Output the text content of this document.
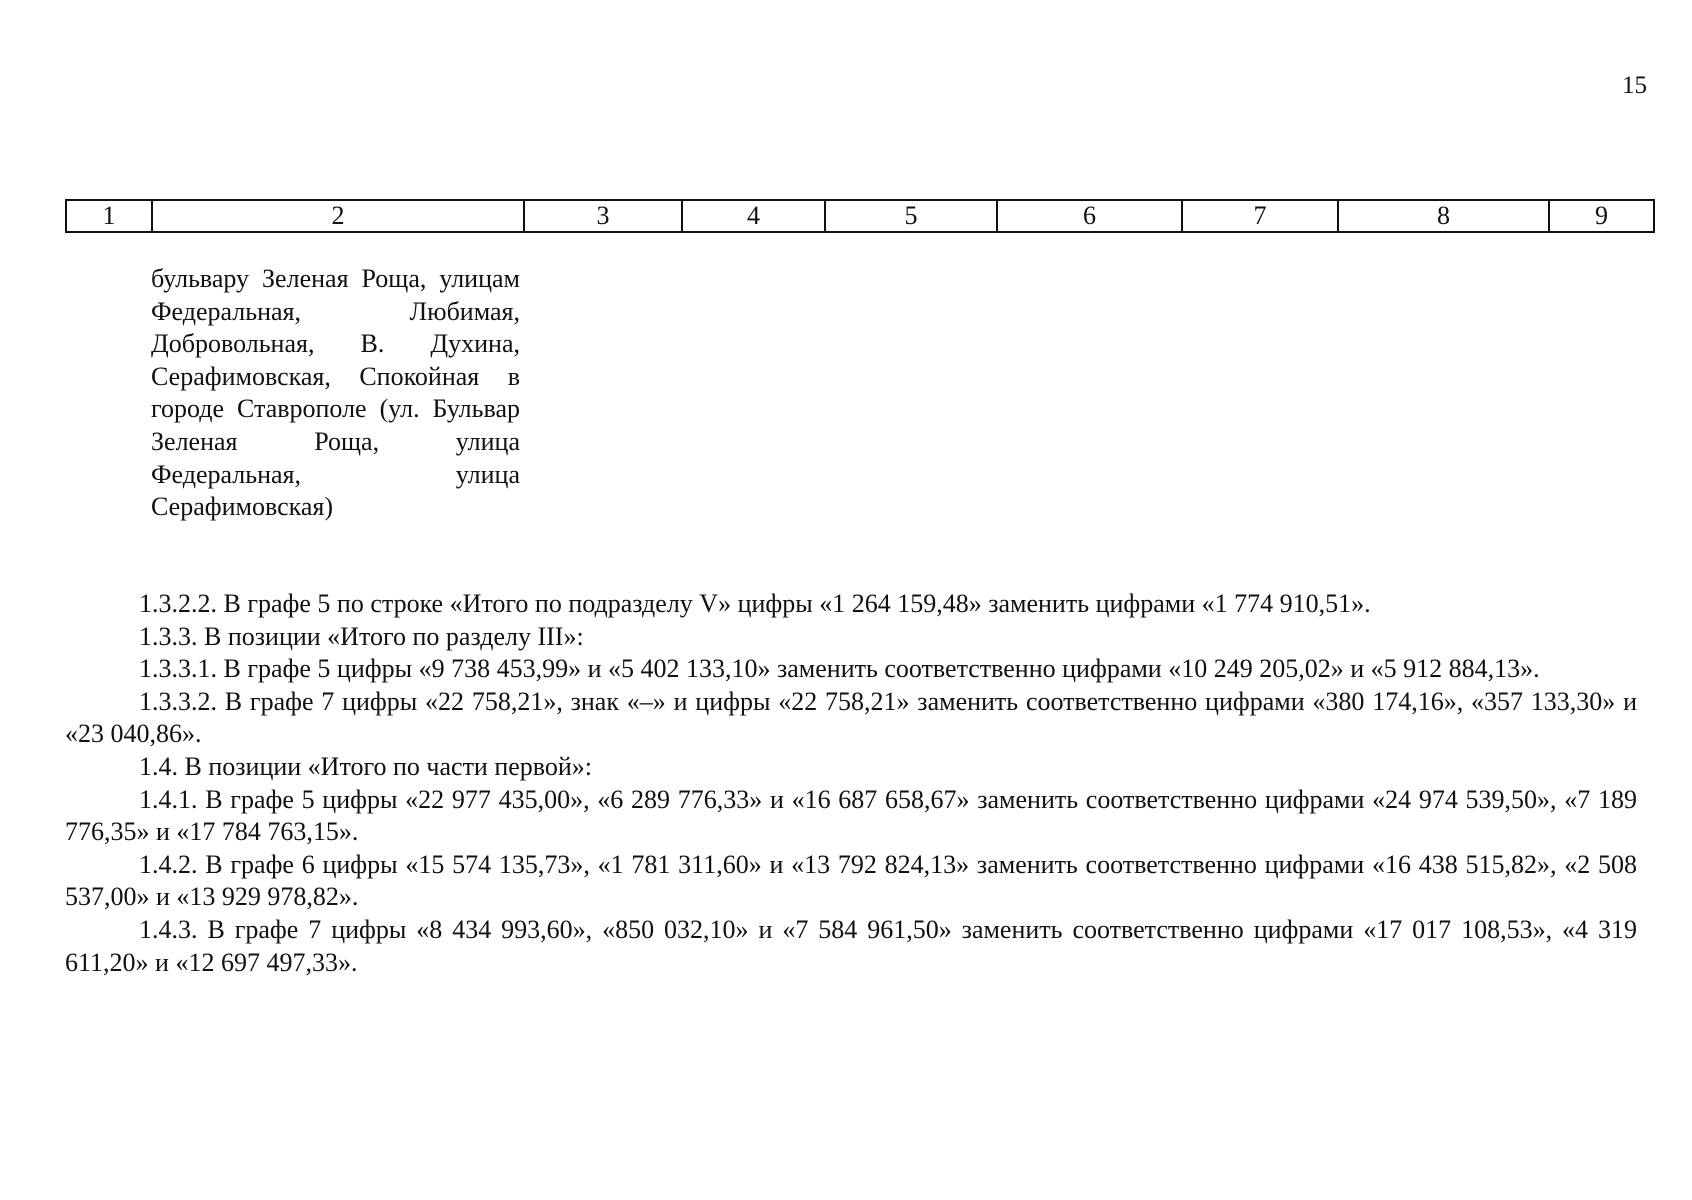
15
1	2	3	4	5	6	7	8	9

бульвару Зеленая Роща, улицам Федеральная, Любимая, Добровольная, В. Духина, Серафимовская, Спокойная в городе Ставрополе (ул. Бульвар Зеленая Роща, улица Федеральная, улица Серафимовская)

1.3.2.2. В графе 5 по строке «Итого по подразделу V» цифры «1 264 159,48» заменить цифрами «1 774 910,51».

1.3.3. В позиции «Итого по разделу III»:

1.3.3.1. В графе 5 цифры «9 738 453,99» и «5 402 133,10» заменить соответственно цифрами «10 249 205,02» и «5 912 884,13».

1.3.3.2. В графе 7 цифры «22 758,21», знак «–» и цифры «22 758,21» заменить соответственно цифрами «380 174,16», «357 133,30» и «23 040,86».

1.4. В позиции «Итого по части первой»:

1.4.1. В графе 5 цифры «22 977 435,00», «6 289 776,33» и «16 687 658,67» заменить соответственно цифрами «24 974 539,50», «7 189 776,35» и «17 784 763,15».

1.4.2. В графе 6 цифры «15 574 135,73», «1 781 311,60» и «13 792 824,13» заменить соответственно цифрами «16 438 515,82», «2 508 537,00» и «13 929 978,82».

1.4.3. В графе 7 цифры «8 434 993,60», «850 032,10» и «7 584 961,50» заменить соответственно цифрами «17 017 108,53», «4 319 611,20» и «12 697 497,33».
